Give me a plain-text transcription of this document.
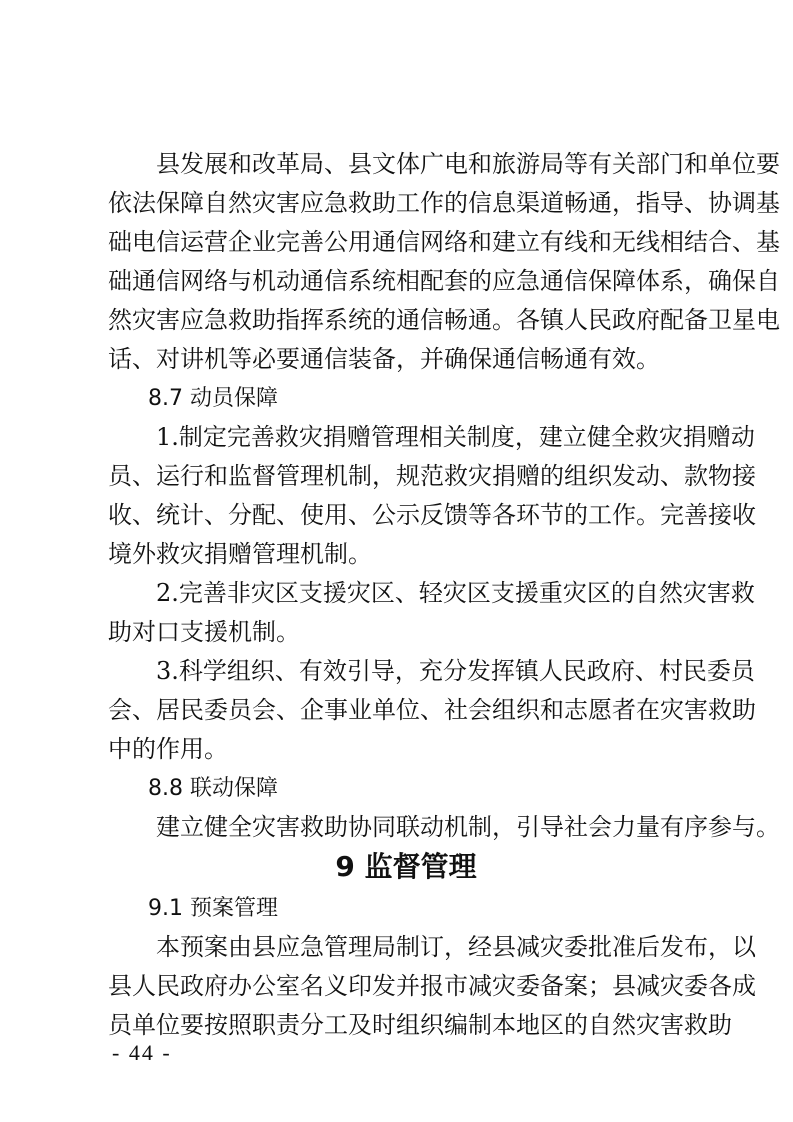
县发展和改革局、县文体广电和旅游局等有关部门和单位要
依法保障自然灾害应急救助工作的信息渠道畅通，指导、协调基
础电信运营企业完善公用通信网络和建立有线和无线相结合、基
础通信网络与机动通信系统相配套的应急通信保障体系，确保自
然灾害应急救助指挥系统的通信畅通。各镇人民政府配备卫星电
话、对讲机等必要通信装备，并确保通信畅通有效。
8.7 动员保障
1.制定完善救灾捐赠管理相关制度，建立健全救灾捐赠动
员、运行和监督管理机制，规范救灾捐赠的组织发动、款物接
收、统计、分配、使用、公示反馈等各环节的工作。完善接收
境外救灾捐赠管理机制。
2.完善非灾区支援灾区、轻灾区支援重灾区的自然灾害救
助对口支援机制。
3.科学组织、有效引导，充分发挥镇人民政府、村民委员
会、居民委员会、企事业单位、社会组织和志愿者在灾害救助
中的作用。
8.8 联动保障
建立健全灾害救助协同联动机制，引导社会力量有序参与。
9 监督管理
9.1 预案管理
本预案由县应急管理局制订，经县减灾委批准后发布，以
县人民政府办公室名义印发并报市减灾委备案；县减灾委各成
员单位要按照职责分工及时组织编制本地区的自然灾害救助
- 44 -
